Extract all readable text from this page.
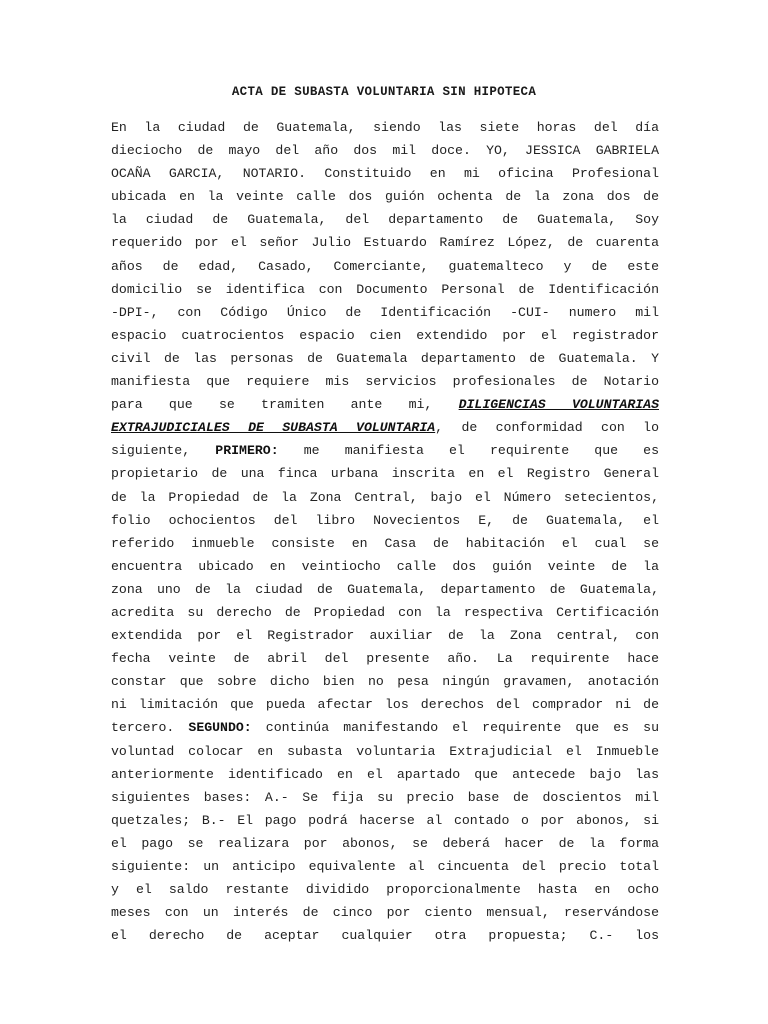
ACTA DE SUBASTA VOLUNTARIA SIN HIPOTECA
En la ciudad de Guatemala, siendo las siete horas del día
dieciocho de mayo del año dos mil doce. YO, JESSICA GABRIELA
OCAÑA GARCIA, NOTARIO. Constituido en mi oficina Profesional
ubicada en la veinte calle dos guión ochenta de la zona dos de
la ciudad de Guatemala, del departamento de Guatemala, Soy
requerido por el señor Julio Estuardo Ramírez López, de cuarenta
años de edad, Casado, Comerciante, guatemalteco y de este
domicilio se identifica con Documento Personal de Identificación
-DPI-, con Código Único de Identificación -CUI- numero mil
espacio cuatrocientos espacio cien extendido por el registrador
civil de las personas de Guatemala departamento de Guatemala. Y
manifiesta que requiere mis servicios profesionales de Notario
para que se tramiten ante mi, DILIGENCIAS VOLUNTARIAS
EXTRAJUDICIALES DE SUBASTA VOLUNTARIA, de conformidad con lo
siguiente, PRIMERO: me manifiesta el requirente que es
propietario de una finca urbana inscrita en el Registro General
de la Propiedad de la Zona Central, bajo el Número setecientos,
folio ochocientos del libro Novecientos E, de Guatemala, el
referido inmueble consiste en Casa de habitación el cual se
encuentra ubicado en veintiocho calle dos guión veinte de la
zona uno de la ciudad de Guatemala, departamento de Guatemala,
acredita su derecho de Propiedad con la respectiva Certificación
extendida por el Registrador auxiliar de la Zona central, con
fecha veinte de abril del presente año. La requirente hace
constar que sobre dicho bien no pesa ningún gravamen, anotación
ni limitación que pueda afectar los derechos del comprador ni de
tercero. SEGUNDO: continúa manifestando el requirente que es su
voluntad colocar en subasta voluntaria Extrajudicial el Inmueble
anteriormente identificado en el apartado que antecede bajo las
siguientes bases: A.- Se fija su precio base de doscientos mil
quetzales; B.- El pago podrá hacerse al contado o por abonos, si
el pago se realizara por abonos, se deberá hacer de la forma
siguiente: un anticipo equivalente al cincuenta del precio total
y el saldo restante dividido proporcionalmente hasta en ocho
meses con un interés de cinco por ciento mensual, reservándose
el derecho de aceptar cualquier otra propuesta; C.- los
